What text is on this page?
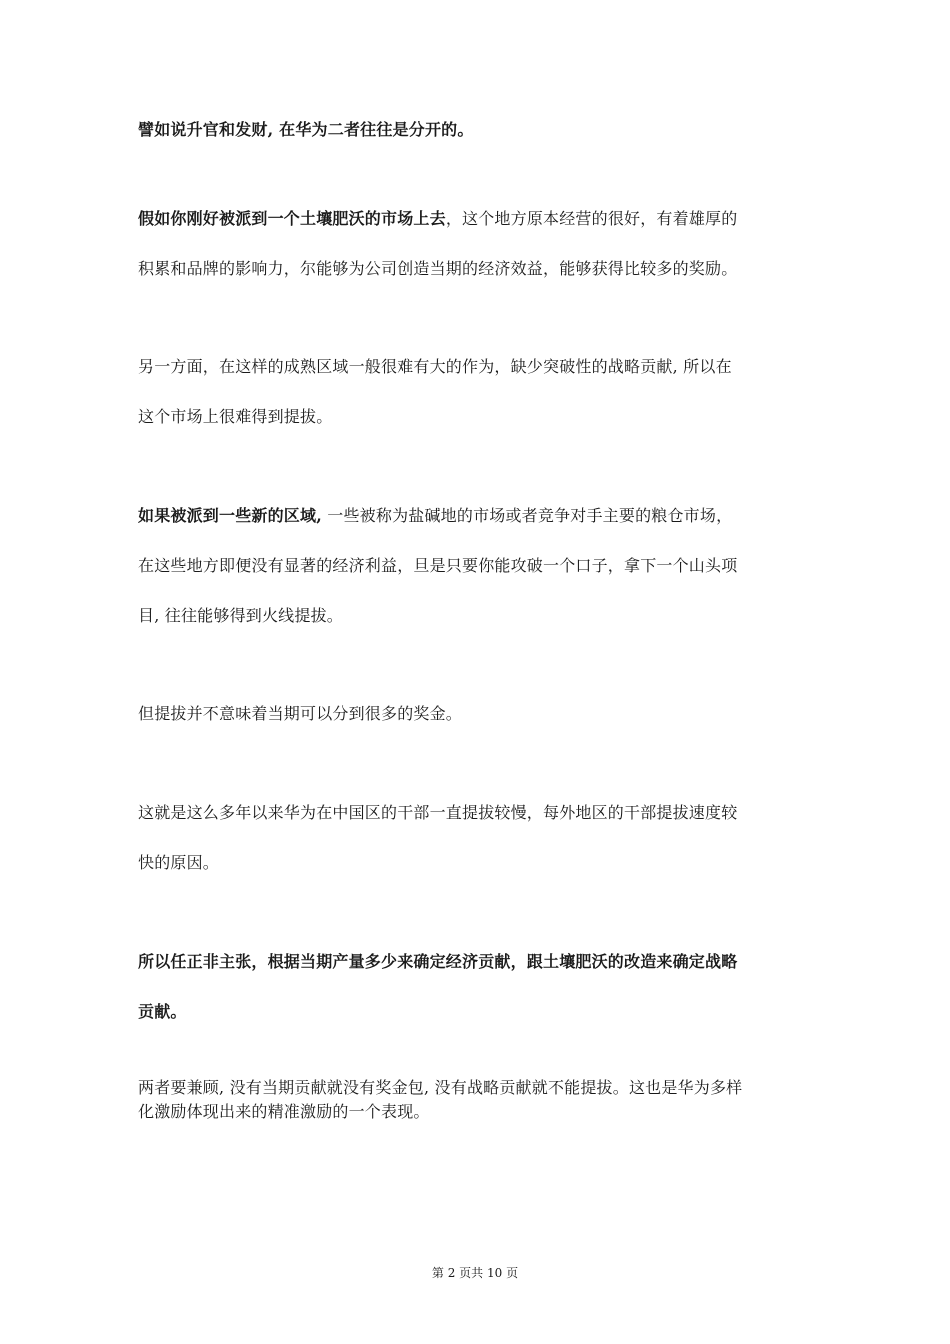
譬如说升官和发财, 在华为二者往往是分开的。
假如你刚好被派到一个土壤肥沃的市场上去，这个地方原本经营的很好，有着雄厚的
积累和品牌的影响力，尔能够为公司创造当期的经济效益，能够获得比较多的奖励。
另一方面，在这样的成熟区域一般很难有大的作为，缺少突破性的战略贡献, 所以在
这个市场上很难得到提拔。
如果被派到一些新的区域, 一些被称为盐碱地的市场或者竞争对手主要的粮仓市场，
在这些地方即便没有显著的经济利益，旦是只要你能攻破一个口子，拿下一个山头项
目, 往往能够得到火线提拔。
但提拔并不意味着当期可以分到很多的奖金。
这就是这么多年以来华为在中国区的干部一直提拔较慢，每外地区的干部提拔速度较
快的原因。
所以任正非主张，根据当期产量多少来确定经济贡献，跟土壤肥沃的改造来确定战略
贡献。
两者要兼顾, 没有当期贡献就没有奖金包, 没有战略贡献就不能提拔。这也是华为多样
化激励体现出来的精准激励的一个表现。
第 2 页共 10 页
